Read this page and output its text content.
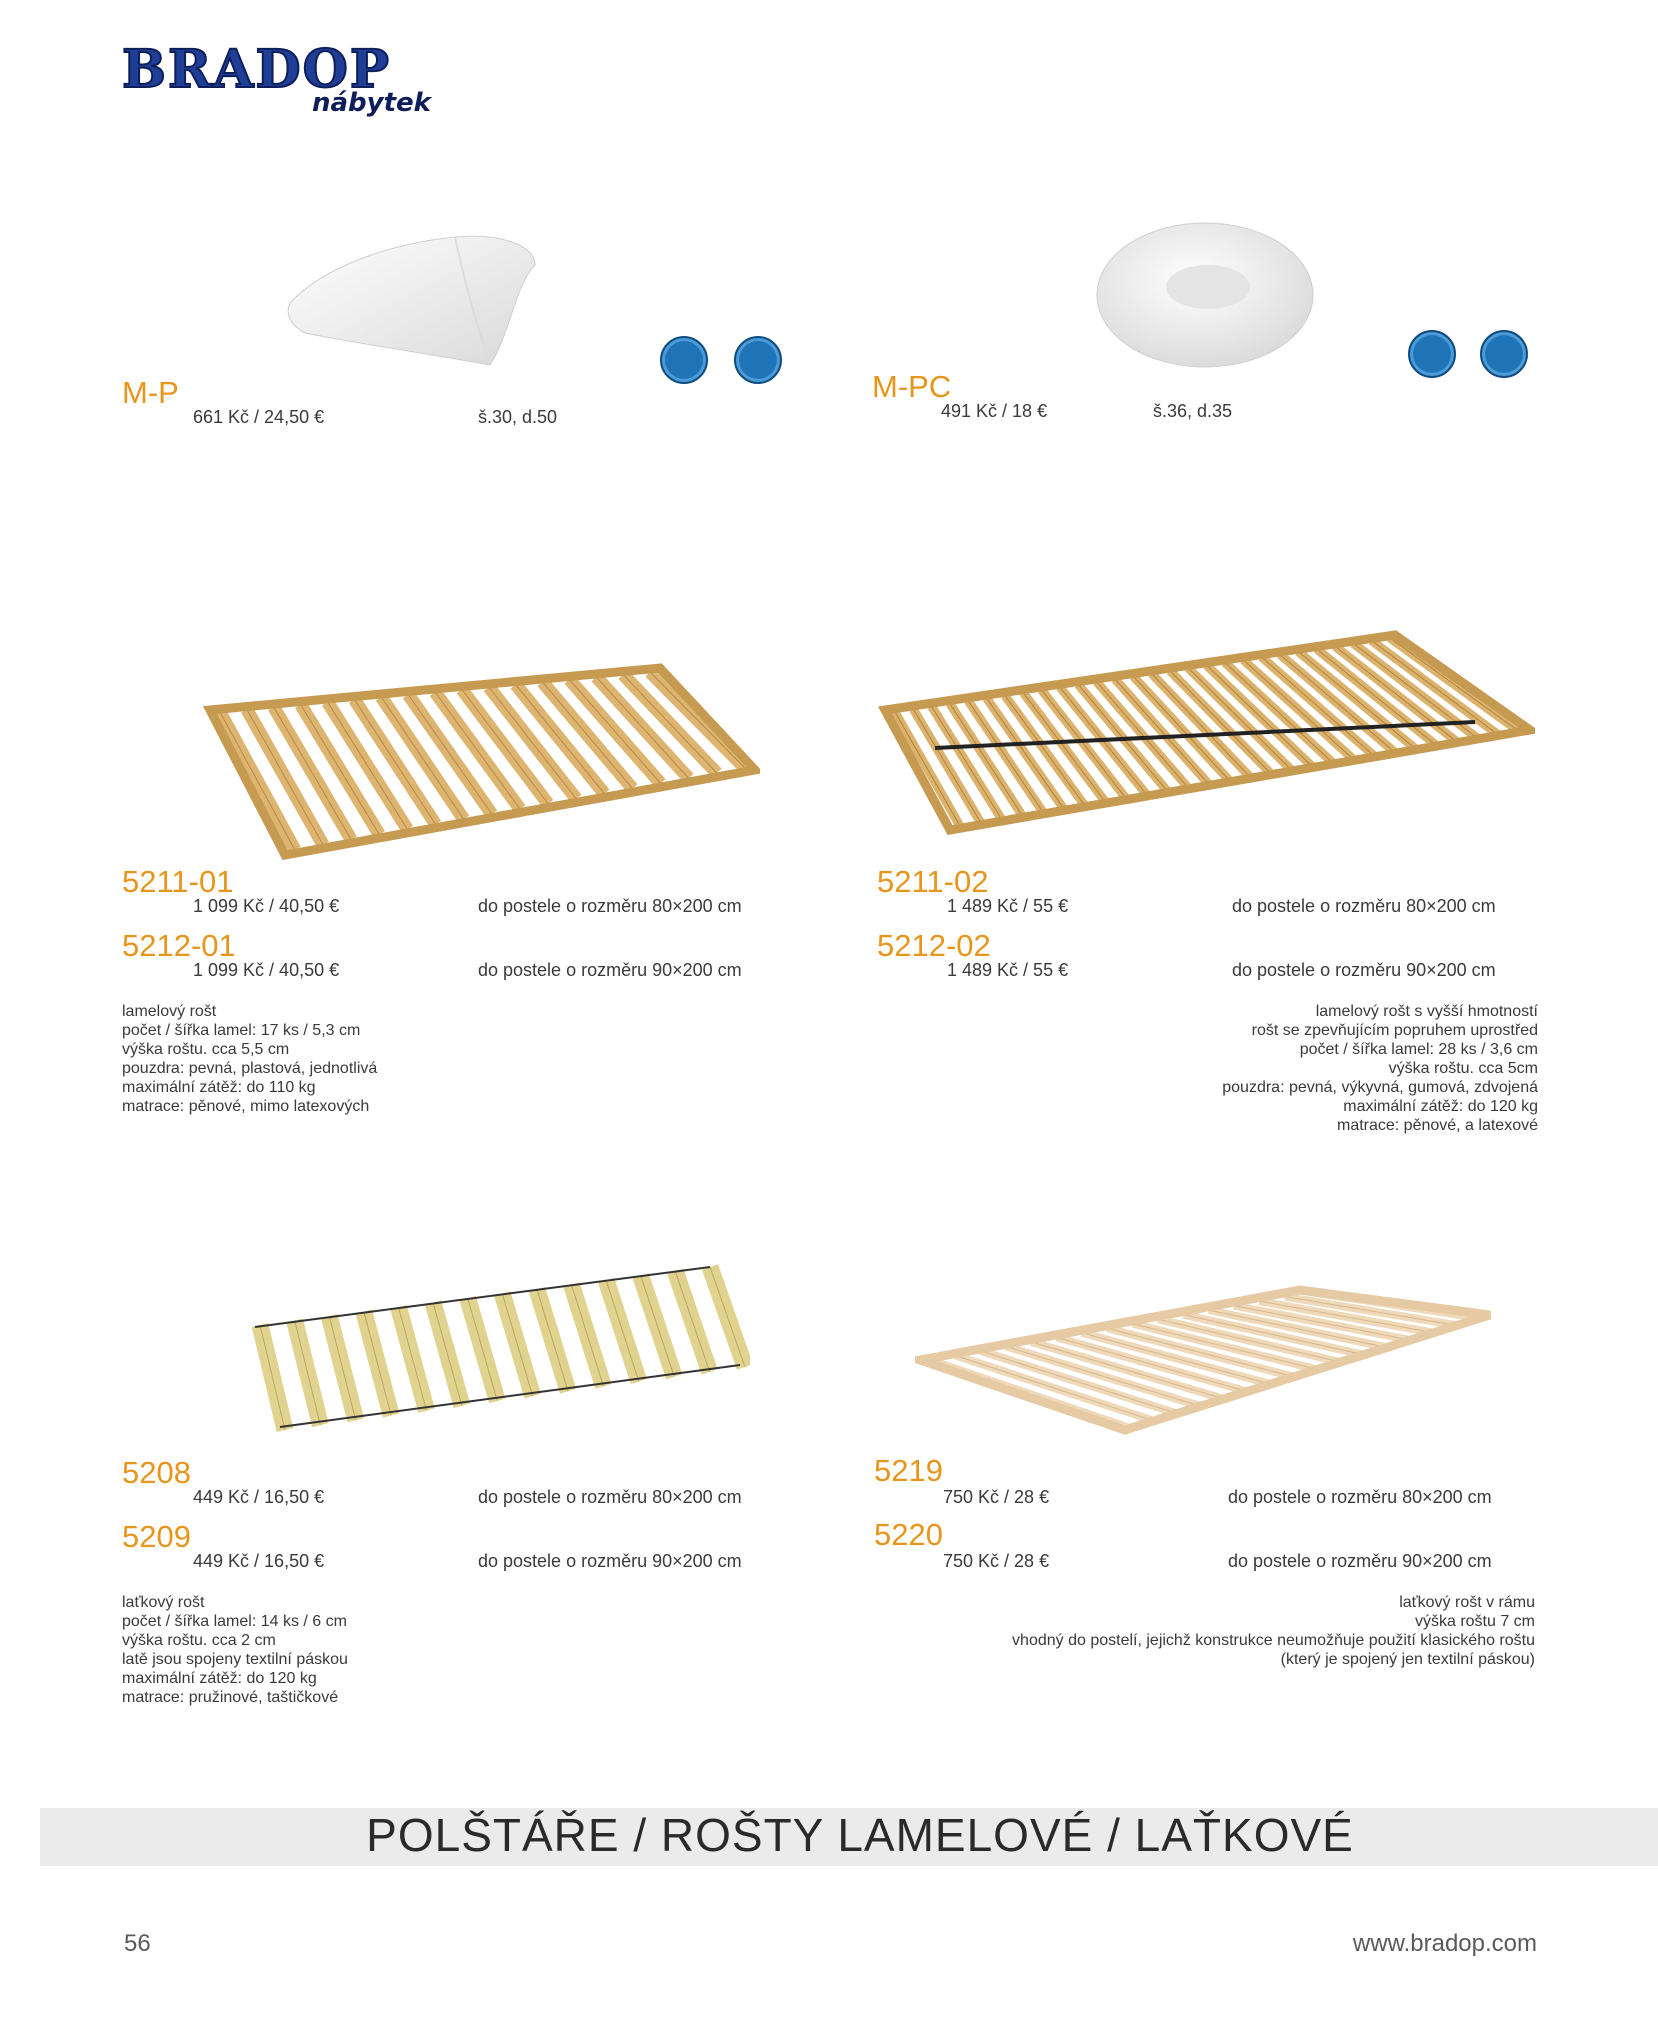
BRADOP
nábytek
M-P
661 Kč / 24,50 €	š.30, d.50
M-PC
491 Kč / 18 €	š.36, d.35
5211-01
1 099 Kč / 40,50 €	do postele o rozměru 80×200 cm
5212-01
1 099 Kč / 40,50 €	do postele o rozměru 90×200 cm
lamelový rošt
počet / šířka lamel: 17 ks / 5,3 cm
výška roštu. cca 5,5 cm
pouzdra: pevná, plastová, jednotlivá
maximální zátěž: do 110 kg
matrace: pěnové, mimo latexových
5211-02
1 489 Kč / 55 €	do postele o rozměru 80×200 cm
5212-02
1 489 Kč / 55 €	do postele o rozměru 90×200 cm
lamelový rošt s vyšší hmotností
rošt se zpevňujícím popruhem uprostřed
počet / šířka lamel: 28 ks / 3,6 cm
výška roštu. cca 5cm
pouzdra: pevná, výkyvná, gumová, zdvojená
maximální zátěž: do 120 kg
matrace: pěnové, a latexové
5208
449 Kč / 16,50 €	do postele o rozměru 80×200 cm
5209
449 Kč / 16,50 €	do postele o rozměru 90×200 cm
laťkový rošt
počet / šířka lamel: 14 ks / 6 cm
výška roštu. cca 2 cm
latě jsou spojeny textilní páskou
maximální zátěž: do 120 kg
matrace: pružinové, taštičkové
5219
750 Kč / 28 €	do postele o rozměru 80×200 cm
5220
750 Kč / 28 €	do postele o rozměru 90×200 cm
laťkový rošt v rámu
výška roštu 7 cm
vhodný do postelí, jejichž konstrukce neumožňuje použití klasického roštu
(který je spojený jen textilní páskou)
POLŠTÁŘE / ROŠTY LAMELOVÉ / LAŤKOVÉ
56	www.bradop.com
